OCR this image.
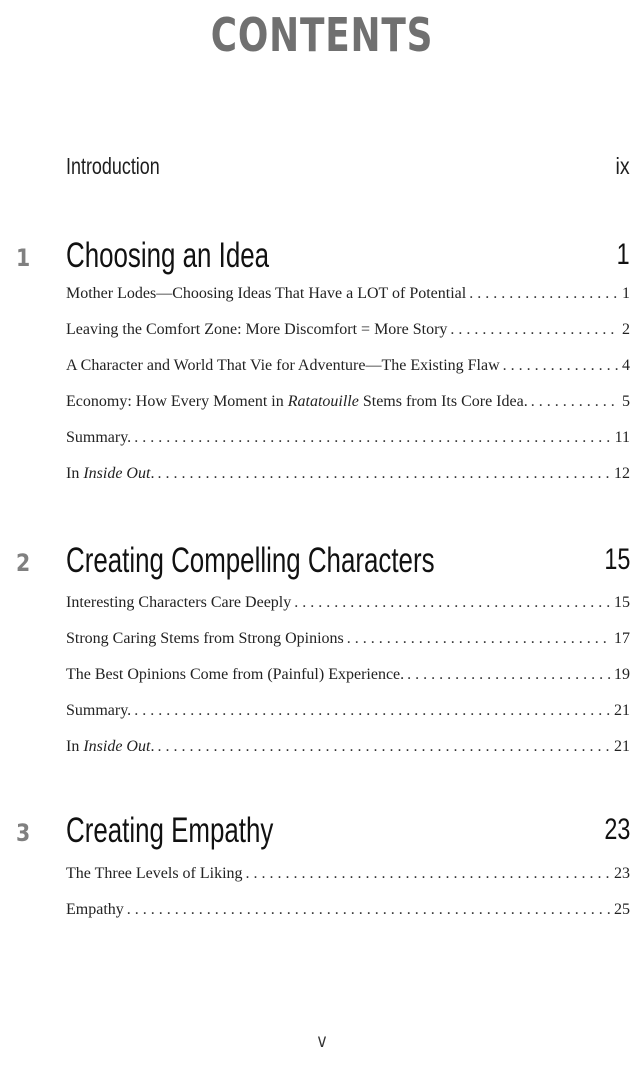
CONTENTS
Introduction	ix
1 Choosing an Idea	1
Mother Lodes—Choosing Ideas That Have a LOT of Potential . . .	1
Leaving the Comfort Zone: More Discomfort = More Story . . .	2
A Character and World That Vie for Adventure—The Existing Flaw . . .	4
Economy: How Every Moment in Ratatouille Stems from Its Core Idea. . . .	5
Summary. . . .	11
In Inside Out. . . .	12
2 Creating Compelling Characters	15
Interesting Characters Care Deeply . . .	15
Strong Caring Stems from Strong Opinions . . .	17
The Best Opinions Come from (Painful) Experience. . . .	19
Summary. . . .	21
In Inside Out. . . .	21
3 Creating Empathy	23
The Three Levels of Liking . . .	23
Empathy . . .	25
v
